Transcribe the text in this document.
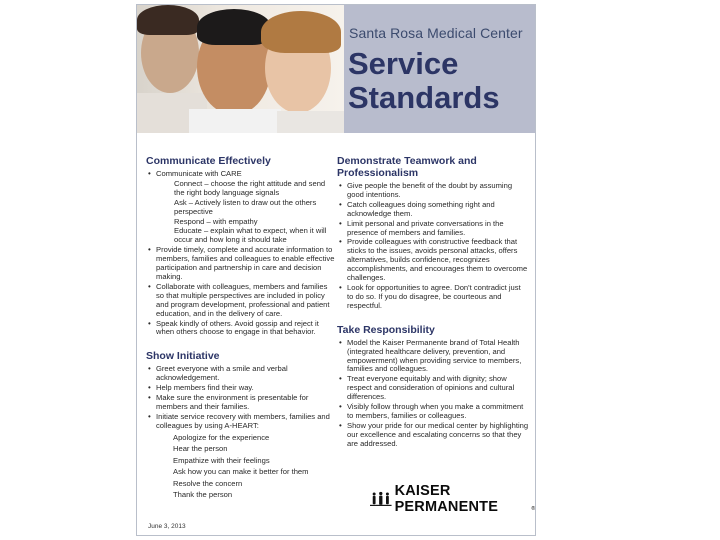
Santa Rosa Medical Center
Service
Standards
Communicate Effectively
• Communicate with CARE
Connect – choose the right attitude and send the right body language signals
Ask – Actively listen to draw out the others perspective
Respond – with empathy
Educate – explain what to expect, when it will occur and how long it should take
• Provide timely, complete and accurate information to members, families and colleagues to enable effective participation and partnership in care and decision making.
• Collaborate with colleagues, members and families so that multiple perspectives are included in policy and program development, professional and patient education, and in the delivery of care.
• Speak kindly of others. Avoid gossip and reject it when others choose to engage in that behavior.
Show Initiative
• Greet everyone with a smile and verbal acknowledgement.
• Help members find their way.
• Make sure the environment is presentable for members and their families.
• Initiate service recovery with members, families and colleagues by using A-HEART:
Apologize for the experience
Hear the person
Empathize with their feelings
Ask how you can make it better for them
Resolve the concern
Thank the person
Demonstrate Teamwork and Professionalism
• Give people the benefit of the doubt by assuming good intentions.
• Catch colleagues doing something right and acknowledge them.
• Limit personal and private conversations in the presence of members and families.
• Provide colleagues with constructive feedback that sticks to the issues, avoids personal attacks, offers alternatives, builds confidence, recognizes accomplishments, and encourages them to overcome challenges.
• Look for opportunities to agree. Don't contradict just to do so. If you do disagree, be courteous and respectful.
Take Responsibility
• Model the Kaiser Permanente brand of Total Health (integrated healthcare delivery, prevention, and empowerment) when providing service to members, families and colleagues.
• Treat everyone equitably and with dignity; show respect and consideration of opinions and cultural differences.
• Visibly follow through when you make a commitment to members, families or colleagues.
• Show your pride for our medical center by highlighting our excellence and escalating concerns so that they are addressed.
KAISER PERMANENTE	®
June 3, 2013
